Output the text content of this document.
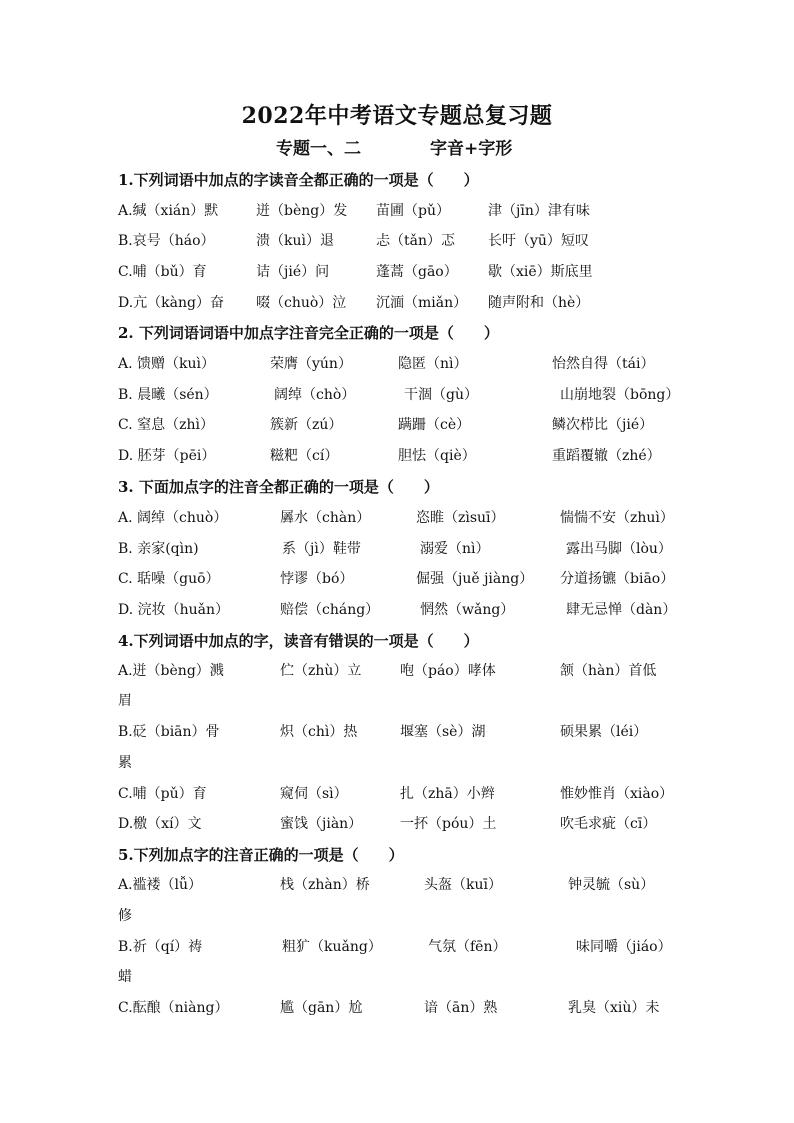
2022年中考语文专题总复习题
专题一、二	字音+字形
1.下列词语中加点的字读音全都正确的一项是（　　）
A.缄（xián）默	迸（bèng）发 苗圃（pǔ）	津（jīn）津有味
B.哀号（háo）	溃（kuì）退	忐（tǎn）忑 长吁（yū）短叹
C.哺（bǔ）育	诘（jié）问	蓬蒿（gāo） 歇（xiē）斯底里
D.亢（kàng）奋 啜（chuò）泣 沉湎（miǎn） 随声附和（hè）
2. 下列词语词语中加点字注音完全正确的一项是（　　）
A. 馈赠（kuì）	荣膺（yún）	隐匿（nì）	怡然自得（tái）
B. 晨曦（sén）	阔绰（chò）	干涸（gù）	山崩地裂（bōng）
C. 窒息（zhì）	簇新（zú）	蹒跚（cè）	鳞次栉比（jié）
D. 胚芽（pēi）	糍粑（cí）	胆怯（qiè）	重蹈覆辙（zhé）
3. 下面加点字的注音全都正确的一项是（　　）
A. 阔绰（chuò）	羼水（chàn）	恣睢（zìsuī）	惴惴不安（zhuì）
B. 亲家(qìn)	系（jì）鞋带	溺爱（nì）	露出马脚（lòu）
C. 聒噪（guō）	悖谬（bó）	倔强（juě jiàng） 分道扬镳（biāo）
D. 浣妆（huǎn）	赔偿（cháng）	惘然（wǎng）	肆无忌惮（dàn）
4.下列词语中加点的字，读音有错误的一项是（　　）
A.迸（bèng）溅	伫（zhù）立	咆（páo）哮体	颔（hàn）首低
眉
B.砭（biān）骨	炽（chì）热	堰塞（sè）湖	硕果累（léi）
累
C.哺（pǔ）育	窥伺（sì）	扎（zhā）小辫	惟妙惟肖（xiào）
D.檄（xí）文	蜜饯（jiàn）	一抔（póu）土	吹毛求疵（cī）
5.下列加点字的注音正确的一项是（　　）
A.褴褛（lǚ）	栈（zhàn）桥	头盔（kuī）	钟灵毓（sù）
修
B.祈（qí）祷	粗犷（kuǎng）	气氛（fēn）	味同嚼（jiáo）
蜡
C.酝酿（niàng）	尴（gān）尬	谙（ān）熟	乳臭（xiù）未
